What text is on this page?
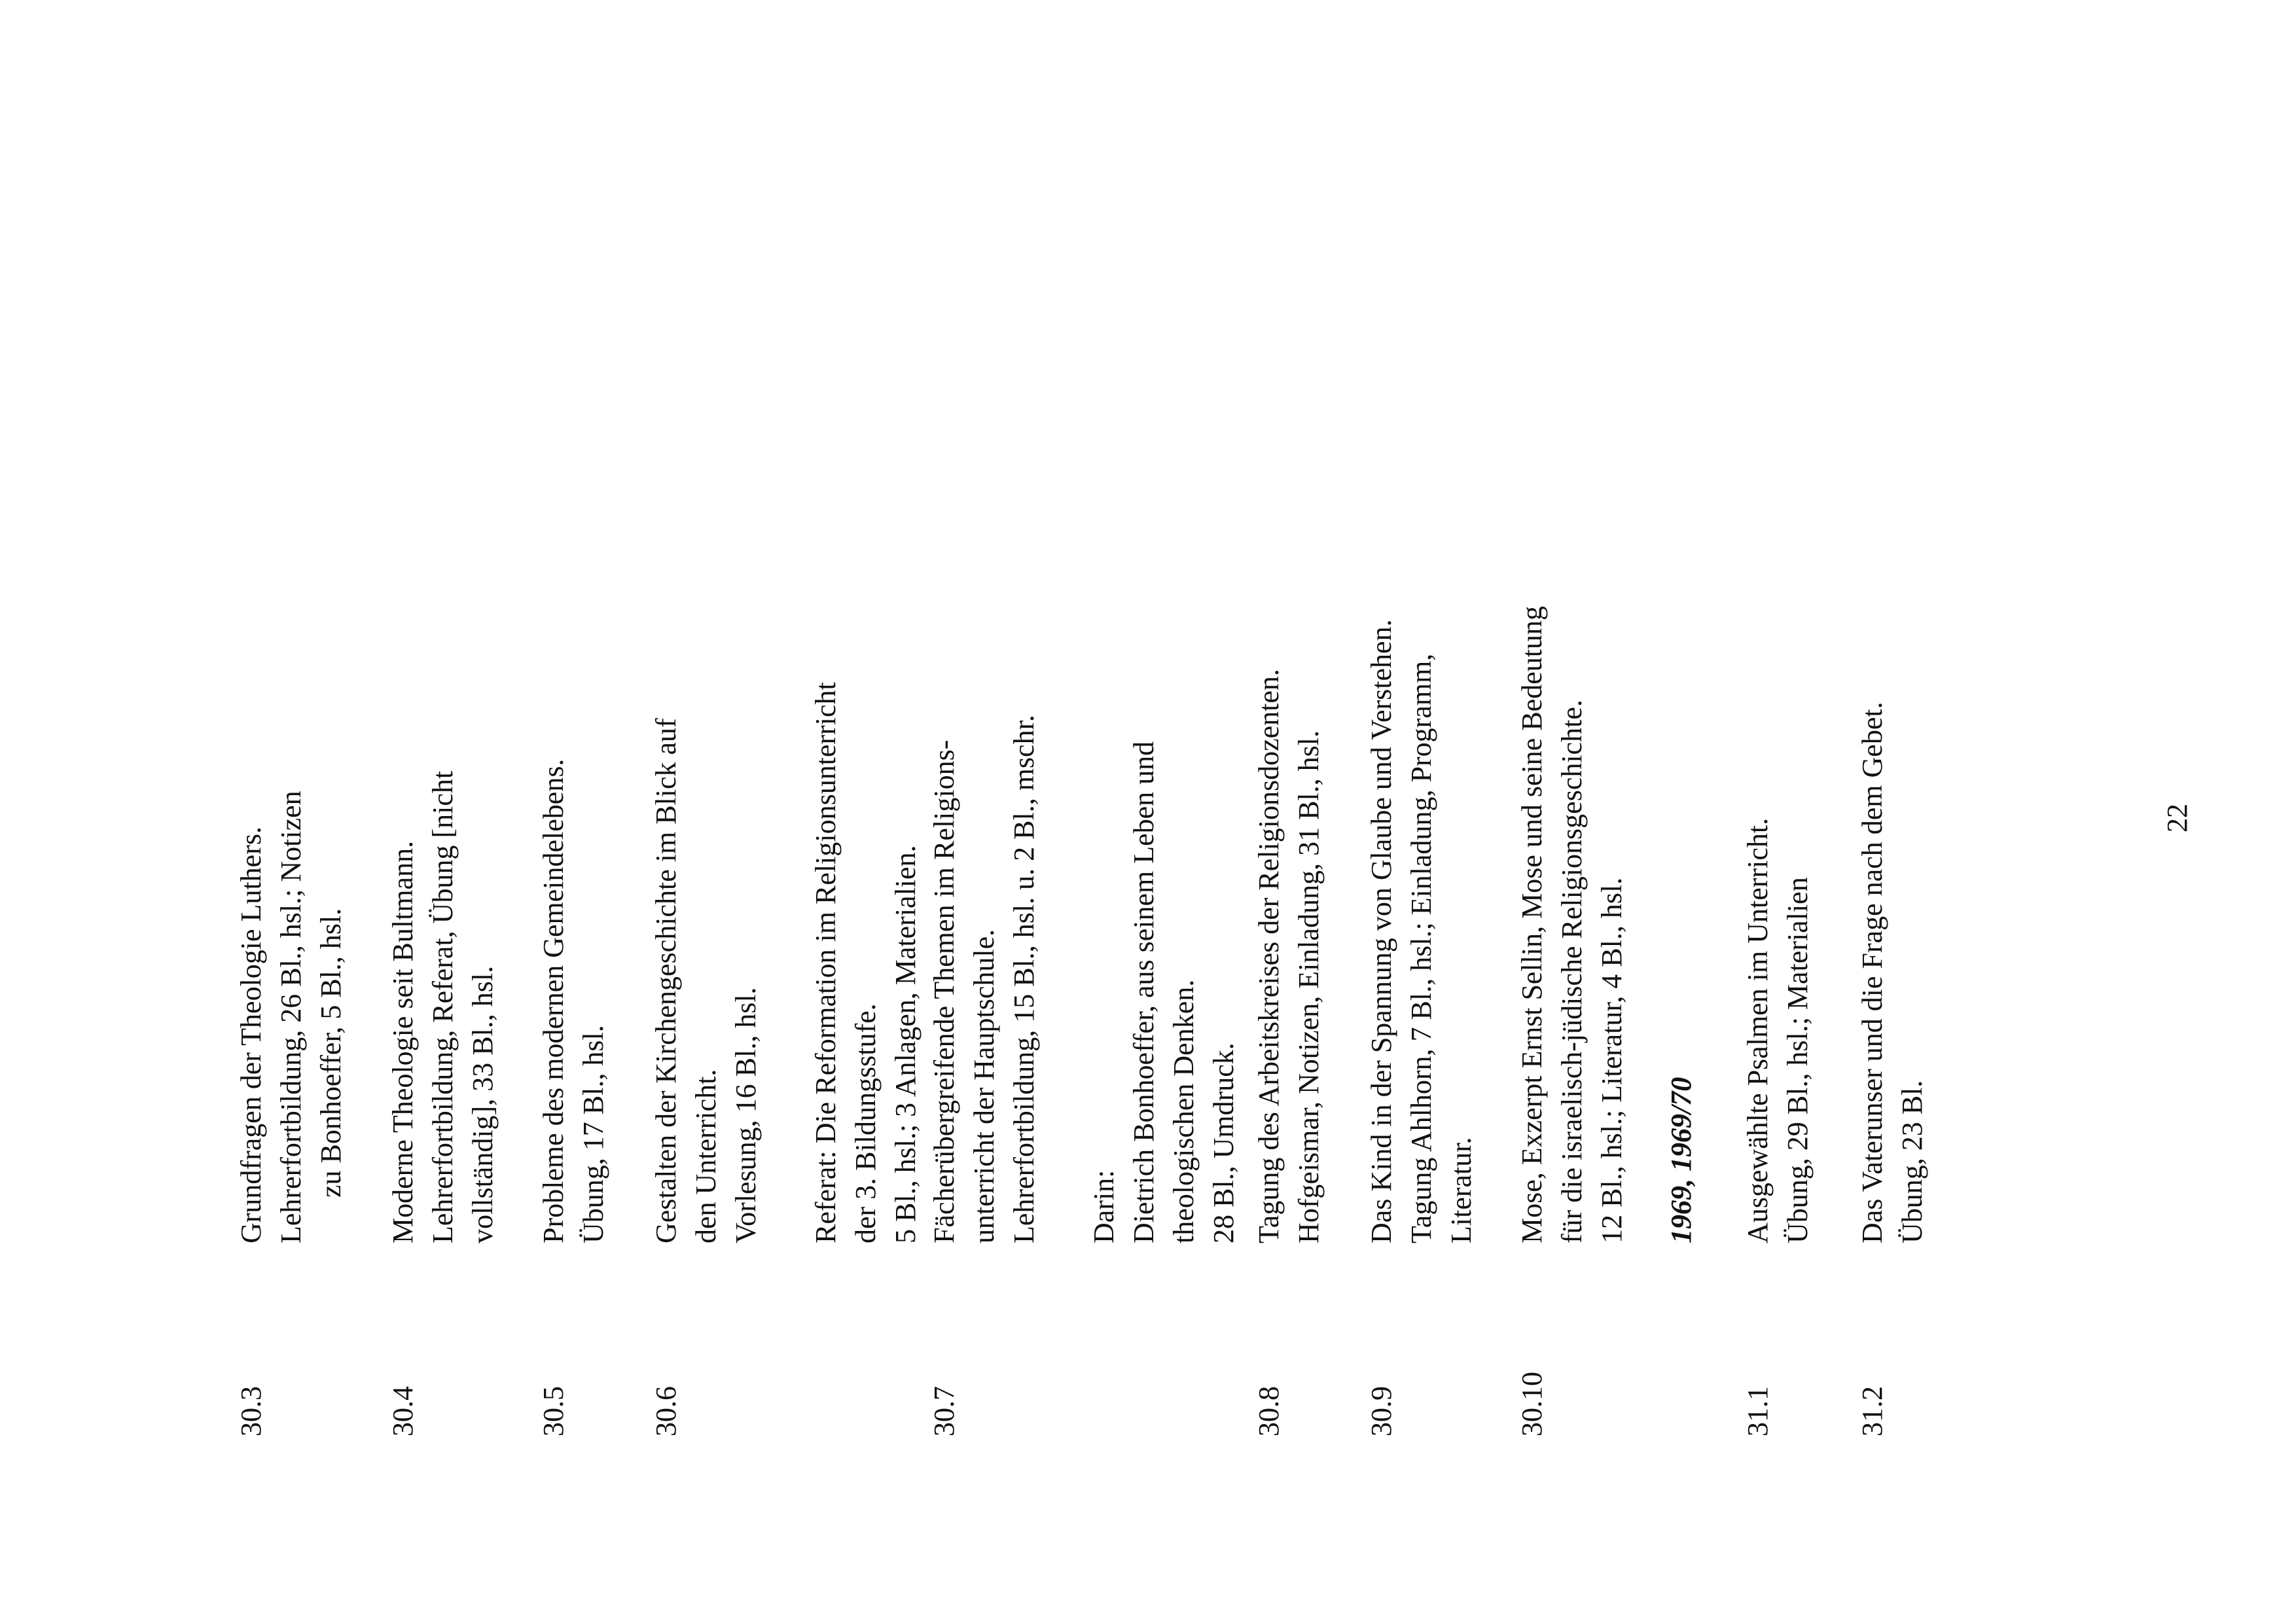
30.3
Grundfragen der Theologie Luthers. Lehrerfortbildung, 26 Bl., hsl.; Notizen zu Bonhoeffer, 5 Bl., hsl.
30.4
Moderne Theologie seit Bultmann. Lehrerfortbildung, Referat, Übung [nicht vollständig], 33 Bl., hsl.
30.5
Probleme des modernen Gemeindelebens. Übung, 17 Bl., hsl.
30.6
Gestalten der Kirchengeschichte im Blick auf den Unterricht. Vorlesung, 16 Bl., hsl. Referat: Die Reformation im Religionsunterricht der 3. Bildungsstufe. 5 Bl., hsl.; 3 Anlagen, Materialien.
30.7
Fächerübergreifende Themen im Religions- unterricht der Hauptschule. Lehrerfortbildung, 15 Bl., hsl. u. 2 Bl., mschr. Darin: Dietrich Bonhoeffer, aus seinem Leben und theologischen Denken. 28 Bl., Umdruck.
30.8
Tagung des Arbeitskreises der Religionsdozenten. Hofgeismar, Notizen, Einladung, 31 Bl., hsl.
30.9
Das Kind in der Spannung von Glaube und Verstehen. Tagung Ahlhorn, 7 Bl., hsl.; Einladung, Programm, Literatur.
30.10
Mose, Exzerpt Ernst Sellin, Mose und seine Bedeutung für die israelisch-jüdische Religionsgeschichte. 12 Bl., hsl.; Literatur, 4 Bl., hsl. 1969, 1969/70
31.1
Ausgewählte Psalmen im Unterricht. Übung, 29 Bl., hsl.; Materialien
31.2
Das Vaterunser und die Frage nach dem Gebet. Übung, 23 Bl.
22
